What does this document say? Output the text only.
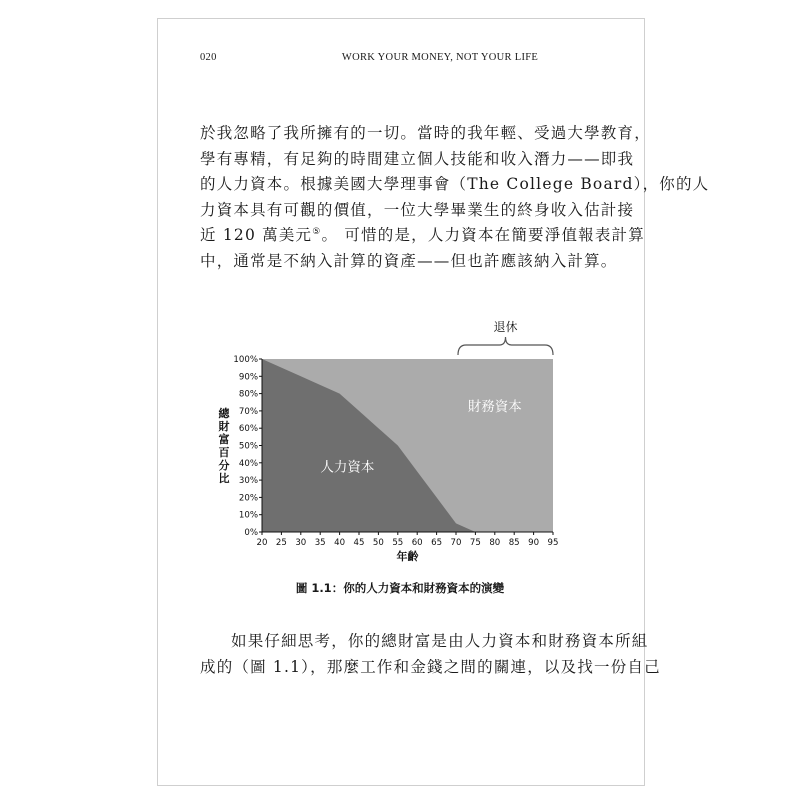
020	WORK YOUR MONEY, NOT YOUR LIFE

於我忽略了我所擁有的一切。當時的我年輕、受過大學教育，
學有專精，有足夠的時間建立個人技能和收入潛力——即我
的人力資本。根據美國大學理事會（The College Board），你的人
力資本具有可觀的價值，一位大學畢業生的終身收入估計接
近 120 萬美元⑤。 可惜的是，人力資本在簡要淨值報表計算
中，通常是不納入計算的資產——但也許應該納入計算。

0%
10%
20%
30%
40%
50%
60%
70%
80%
90%
100%
20 25 30 35 40 45 50 55 60 65 70 75 80 85 90 95
退休
人力資本
財務資本
年齡
總
財
富
百
分
比
圖 1.1：你的人力資本和財務資本的演變

如果仔細思考，你的總財富是由人力資本和財務資本所組
成的（圖 1.1），那麼工作和金錢之間的關連，以及找一份自己
